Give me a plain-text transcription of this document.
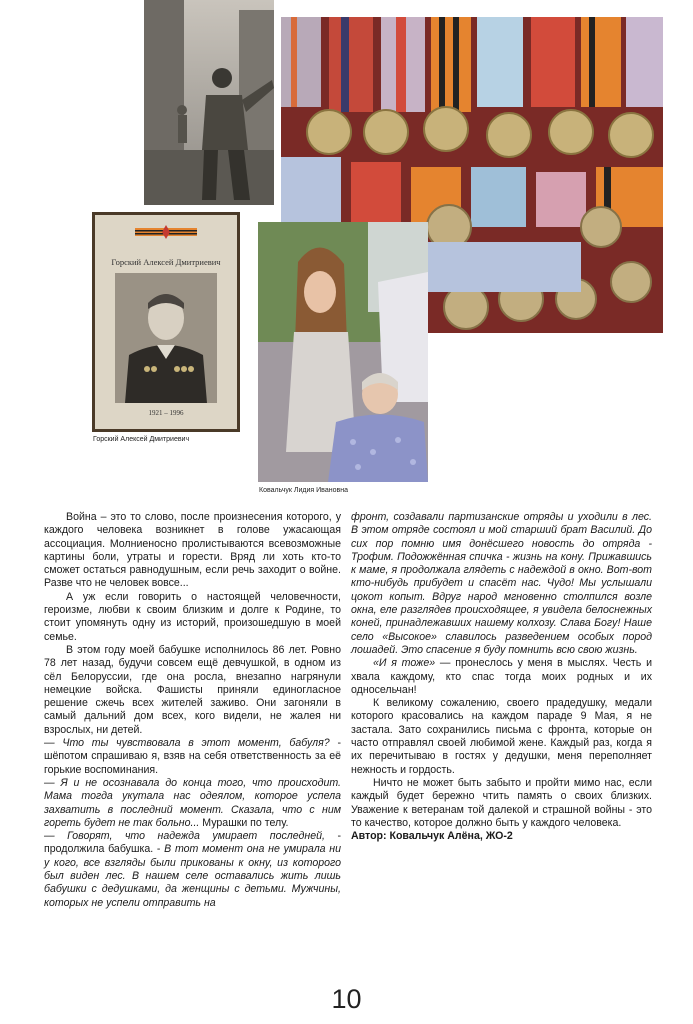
Горский Алексей Дмитриевич
1921 – 1996
Горский Алексей Дмитриевич
Ковальчук Лидия Ивановна

Война – это то слово, после произнесения которого, у каждого человека возникнет в голове ужасающая ассоциация. Молниеносно пролистываются всевозможные картины боли, утраты и горести. Вряд ли хоть кто-то сможет остаться равнодушным, если речь заходит о войне. Разве что не человек вовсе...

А уж если говорить о настоящей человечности, героизме, любви к своим близким и долге к Родине, то стоит упомянуть одну из историй, произошедшую в моей семье.

В этом году моей бабушке исполнилось 86 лет. Ровно 78 лет назад, будучи совсем ещё девчушкой, в одном из сёл Белоруссии, где она росла, внезапно нагрянули немецкие войска. Фашисты приняли единогласное решение сжечь всех жителей заживо. Они загоняли в самый дальний дом всех, кого видели, не жалея ни взрослых, ни детей.

— Что ты чувствовала в этот момент, бабуля? - шёпотом спрашиваю я, взяв на себя ответственность за её горькие воспоминания.

— Я и не осознавала до конца того, что происходит. Мама тогда укутала нас одеялом, которое успела захватить в последний момент. Сказала, что с ним гореть будет не так больно... Мурашки по телу.

— Говорят, что надежда умирает последней, - продолжила бабушка. - В тот момент она не умирала ни у кого, все взгляды были прикованы к окну, из которого был виден лес. В нашем селе оставались жить лишь бабушки с дедушками, да женщины с детьми. Мужчины, которых не успели отправить на

фронт, создавали партизанские отряды и уходили в лес. В этом отряде состоял и мой старший брат Василий. До сих пор помню имя донёсшего новость до отряда - Трофим. Подожжённая спичка - жизнь на кону. Прижавшись к маме, я продолжала глядеть с надеждой в окно. Вот-вот кто-нибудь прибудет и спасёт нас. Чудо! Мы услышали цокот копыт. Вдруг народ мгновенно столпился возле окна, еле разглядев происходящее, я увидела белоснежных коней, принадлежавших нашему колхозу. Слава Богу! Наше село «Высокое» славилось разведением особых пород лошадей. Это спасение я буду помнить всю свою жизнь.

«И я тоже» — пронеслось у меня в мыслях. Честь и хвала каждому, кто спас тогда моих родных и их односельчан!

К великому сожалению, своего прадедушку, медали которого красовались на каждом параде 9 Мая, я не застала. Зато сохранились письма с фронта, которые он часто отправлял своей любимой жене. Каждый раз, когда я их перечитываю в гостях у дедушки, меня переполняет нежность и гордость.

Ничто не может быть забыто и пройти мимо нас, если каждый будет бережно чтить память о своих близких. Уважение к ветеранам той далекой и страшной войны - это то качество, которое должно быть у каждого человека.

Автор: Ковальчук Алёна, ЖО-2

10
